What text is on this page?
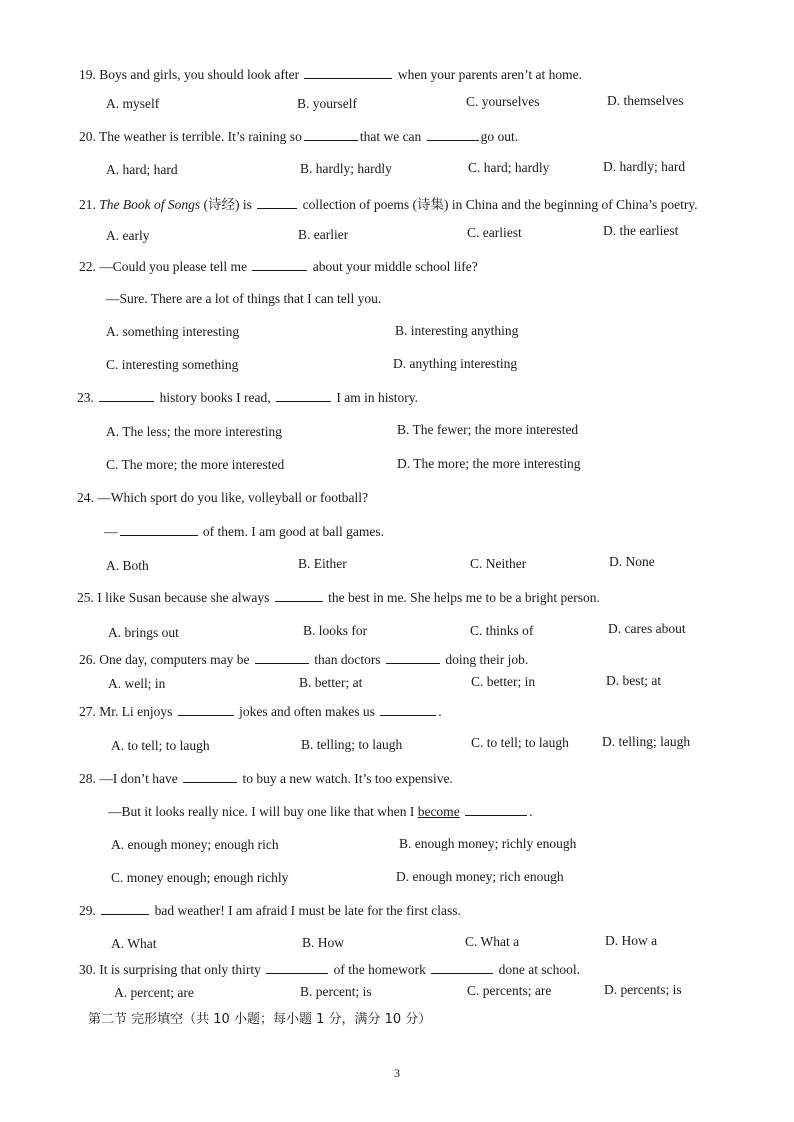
19. Boys and girls, you should look after	when your parents aren’t at home.
A. myself	B. yourself	C. yourselves	D. themselves
20. The weather is terrible. It’s raining so	that we can	go out.
A. hard; hard	B. hardly; hardly	C. hard; hardly	D. hardly; hard
21. The Book of Songs (诗经) is	collection of poems (诗集) in China and the beginning of China’s poetry.
A. early	B. earlier	C. earliest	D. the earliest
22. —Could you please tell me	about your middle school life?
—Sure. There are a lot of things that I can tell you.
A. something interesting	B. interesting anything
C. interesting something	D. anything interesting
23.	history books I read,	I am in history.
A. The less; the more interesting	B. The fewer; the more interested
C. The more; the more interested	D. The more; the more interesting
24. —Which sport do you like, volleyball or football?
—	of them. I am good at ball games.
A. Both	B. Either	C. Neither	D. None
25. I like Susan because she always	the best in me. She helps me to be a bright person.
A. brings out	B. looks for	C. thinks of	D. cares about
26. One day, computers may be	than doctors	doing their job.
A. well; in	B. better; at	C. better; in	D. best; at
27. Mr. Li enjoys	jokes and often makes us	.
A. to tell; to laugh	B. telling; to laugh	C. to tell; to laugh D. telling; laugh
28. —I don’t have	to buy a new watch. It’s too expensive.
—But it looks really nice. I will buy one like that when I become	.
A. enough money; enough rich	B. enough money; richly enough
C. money enough; enough richly	D. enough money; rich enough
29.	bad weather! I am afraid I must be late for the first class.
A. What	B. How	C. What a	D. How a
30. It is surprising that only thirty	of the homework	done at school.
A. percent; are	B. percent; is	C. percents; are	D. percents; is
第二节 完形填空（共 10 小题；每小题 1 分，满分 10 分）
3
